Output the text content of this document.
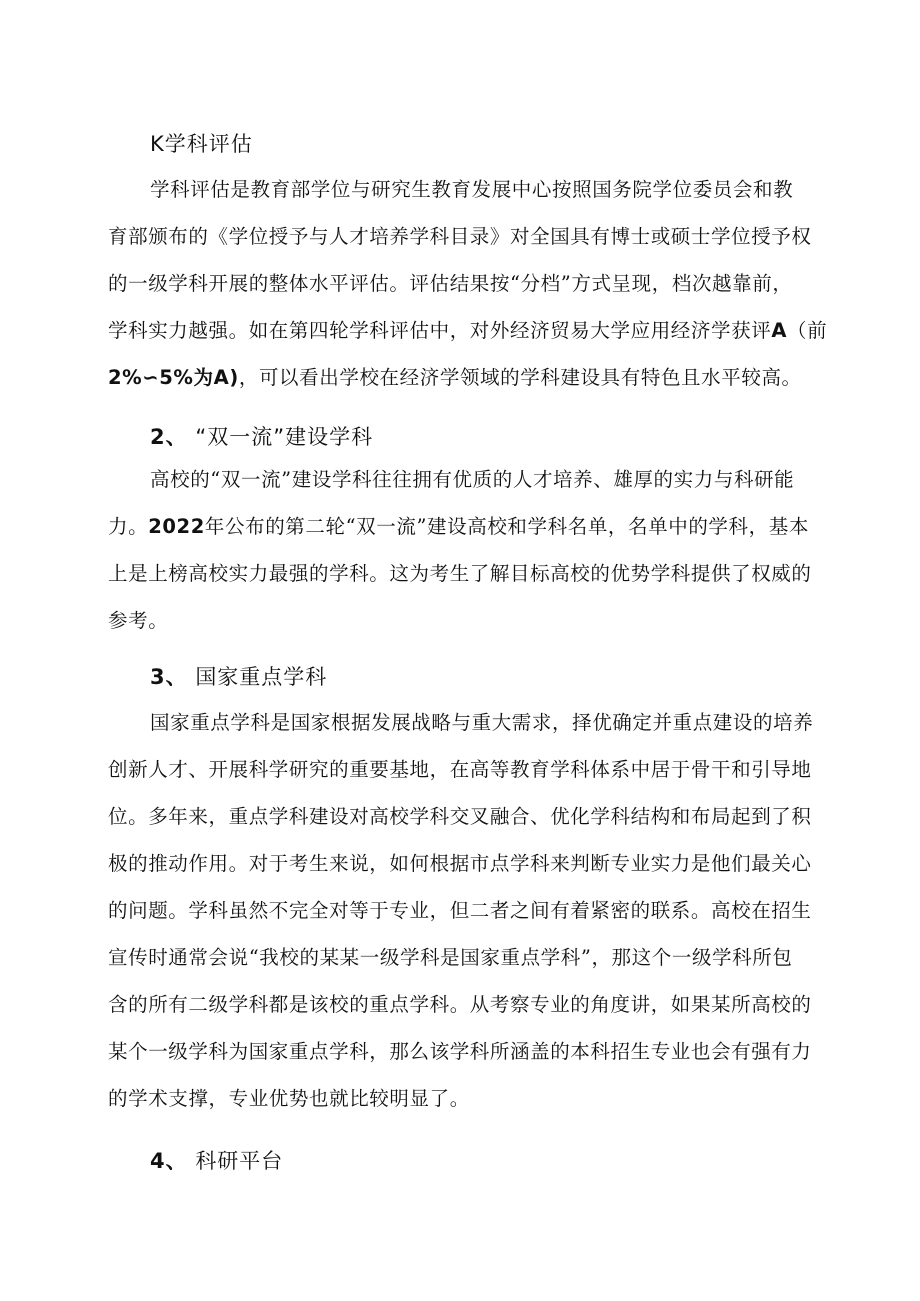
K学科评估
学科评估是教育部学位与研究生教育发展中心按照国务院学位委员会和教
育部颁布的《学位授予与人才培养学科目录》对全国具有博士或硕士学位授予权
的一级学科开展的整体水平评估。评估结果按“分档”方式呈现，档次越靠前，
学科实力越强。如在第四轮学科评估中，对外经济贸易大学应用经济学获评A（前
2%∽5%为A)，可以看出学校在经济学领域的学科建设具有特色且水平较高。
2、 “双一流”建设学科
高校的“双一流”建设学科往往拥有优质的人才培养、雄厚的实力与科研能
力。2022年公布的第二轮“双一流”建设高校和学科名单，名单中的学科，基本
上是上榜高校实力最强的学科。这为考生了解目标高校的优势学科提供了权威的
参考。
3、 国家重点学科
国家重点学科是国家根据发展战略与重大需求，择优确定并重点建设的培养
创新人才、开展科学研究的重要基地，在高等教育学科体系中居于骨干和引导地
位。多年来，重点学科建设对高校学科交叉融合、优化学科结构和布局起到了积
极的推动作用。对于考生来说，如何根据市点学科来判断专业实力是他们最关心
的问题。学科虽然不完全对等于专业，但二者之间有着紧密的联系。高校在招生
宣传时通常会说“我校的某某一级学科是国家重点学科”，那这个一级学科所包
含的所有二级学科都是该校的重点学科。从考察专业的角度讲，如果某所高校的
某个一级学科为国家重点学科，那么该学科所涵盖的本科招生专业也会有强有力
的学术支撑，专业优势也就比较明显了。
4、 科研平台
